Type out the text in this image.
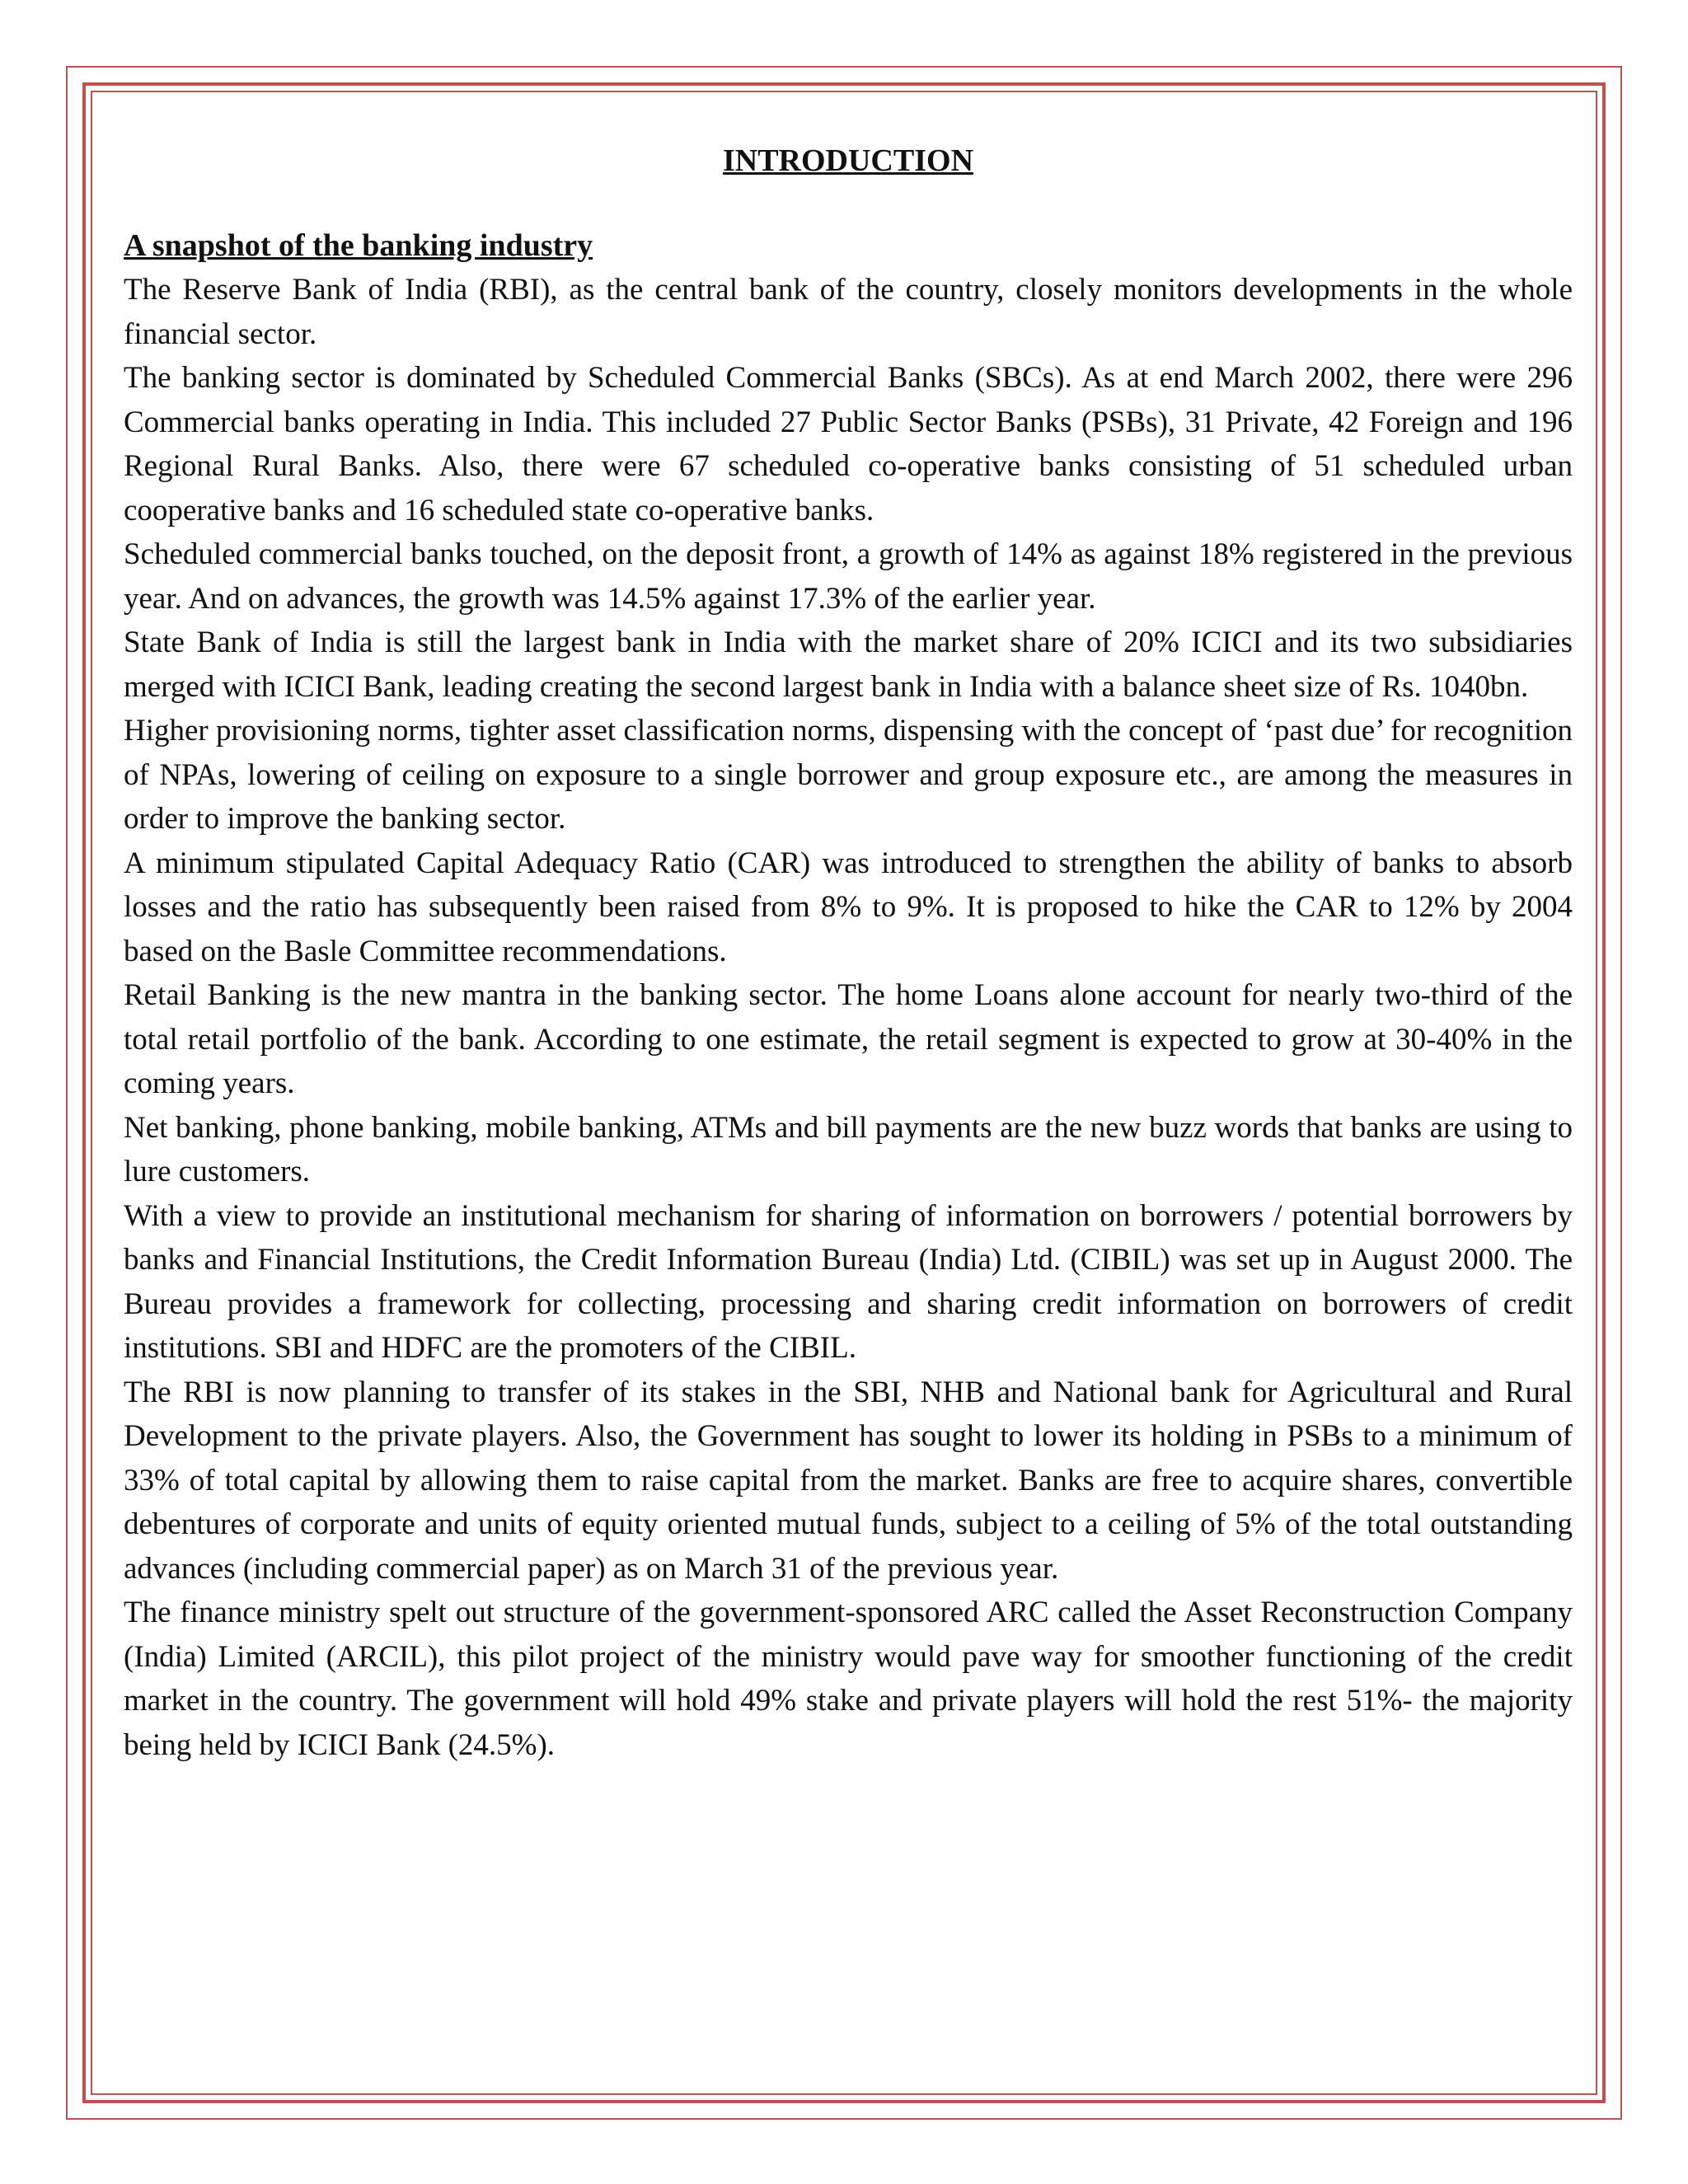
INTRODUCTION
A snapshot of the banking industry

The Reserve Bank of India (RBI), as the central bank of the country, closely monitors developments in the whole financial sector.

The banking sector is dominated by Scheduled Commercial Banks (SBCs). As at end March 2002, there were 296 Commercial banks operating in India. This included 27 Public Sector Banks (PSBs), 31 Private, 42 Foreign and 196 Regional Rural Banks. Also, there were 67 scheduled co-operative banks consisting of 51 scheduled urban cooperative banks and 16 scheduled state co-operative banks.

Scheduled commercial banks touched, on the deposit front, a growth of 14% as against 18% registered in the previous year. And on advances, the growth was 14.5% against 17.3% of the earlier year.

State Bank of India is still the largest bank in India with the market share of 20% ICICI and its two subsidiaries merged with ICICI Bank, leading creating the second largest bank in India with a balance sheet size of Rs. 1040bn.

Higher provisioning norms, tighter asset classification norms, dispensing with the concept of ‘past due’ for recognition of NPAs, lowering of ceiling on exposure to a single borrower and group exposure etc., are among the measures in order to improve the banking sector.

A minimum stipulated Capital Adequacy Ratio (CAR) was introduced to strengthen the ability of banks to absorb losses and the ratio has subsequently been raised from 8% to 9%. It is proposed to hike the CAR to 12% by 2004 based on the Basle Committee recommendations.

Retail Banking is the new mantra in the banking sector. The home Loans alone account for nearly two-third of the total retail portfolio of the bank. According to one estimate, the retail segment is expected to grow at 30-40% in the coming years.

Net banking, phone banking, mobile banking, ATMs and bill payments are the new buzz words that banks are using to lure customers.

With a view to provide an institutional mechanism for sharing of information on borrowers / potential borrowers by banks and Financial Institutions, the Credit Information Bureau (India) Ltd. (CIBIL) was set up in August 2000. The Bureau provides a framework for collecting, processing and sharing credit information on borrowers of credit institutions. SBI and HDFC are the promoters of the CIBIL.

The RBI is now planning to transfer of its stakes in the SBI, NHB and National bank for Agricultural and Rural Development to the private players. Also, the Government has sought to lower its holding in PSBs to a minimum of 33% of total capital by allowing them to raise capital from the market. Banks are free to acquire shares, convertible debentures of corporate and units of equity oriented mutual funds, subject to a ceiling of 5% of the total outstanding advances (including commercial paper) as on March 31 of the previous year.

The finance ministry spelt out structure of the government-sponsored ARC called the Asset Reconstruction Company (India) Limited (ARCIL), this pilot project of the ministry would pave way for smoother functioning of the credit market in the country. The government will hold 49% stake and private players will hold the rest 51%- the majority being held by ICICI Bank (24.5%).
